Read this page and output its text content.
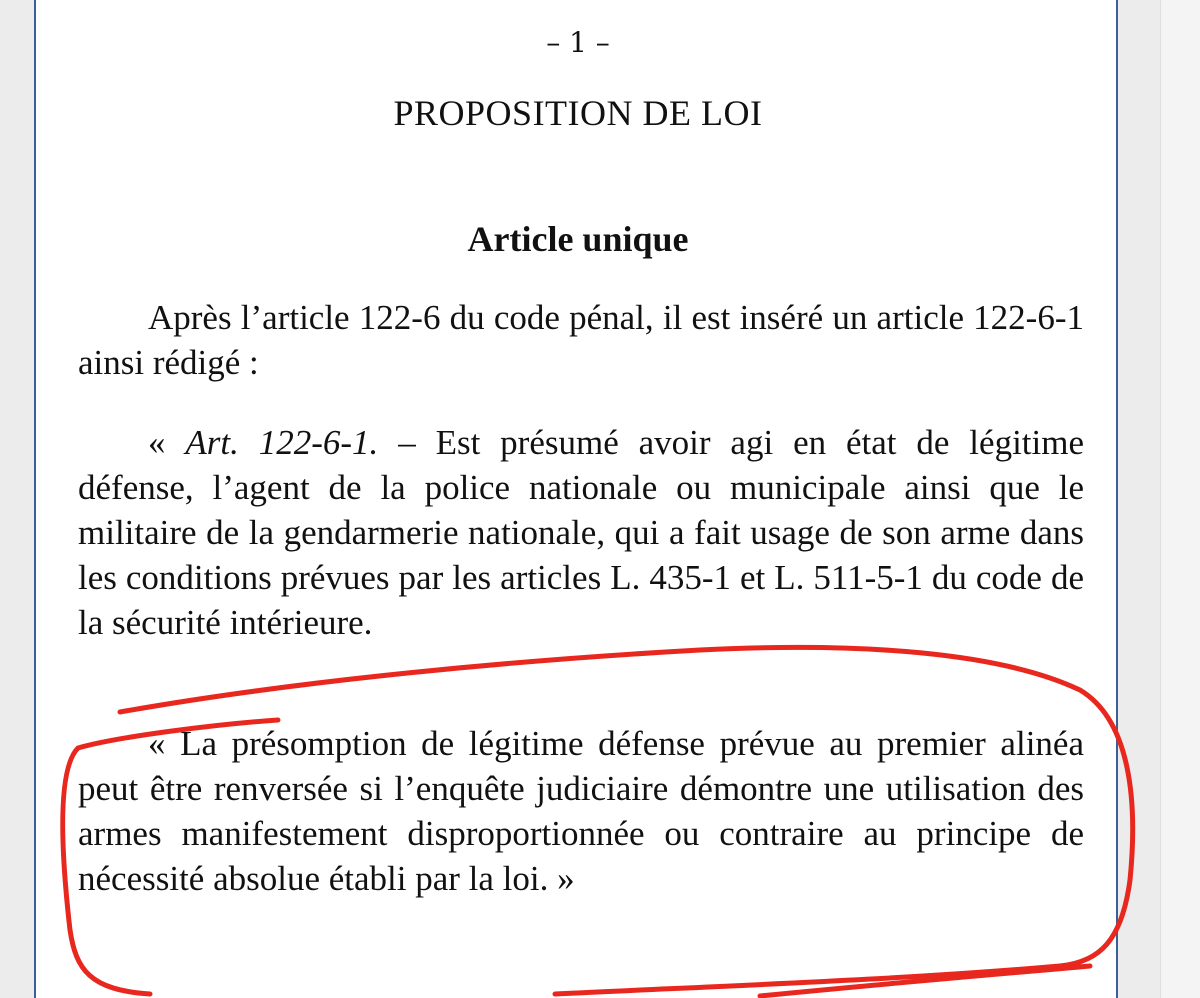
– 1 –
PROPOSITION DE LOI
Article unique

Après l’article 122-6 du code pénal, il est inséré un article 122-6-1 ainsi rédigé :

« Art. 122-6-1. – Est présumé avoir agi en état de légitime défense, l’agent de la police nationale ou municipale ainsi que le militaire de la gendarmerie nationale, qui a fait usage de son arme dans les conditions prévues par les articles L. 435-1 et L. 511-5-1 du code de la sécurité intérieure.

« La présomption de légitime défense prévue au premier alinéa peut être renversée si l’enquête judiciaire démontre une utilisation des armes manifestement disproportionnée ou contraire au principe de nécessité absolue établi par la loi. »
